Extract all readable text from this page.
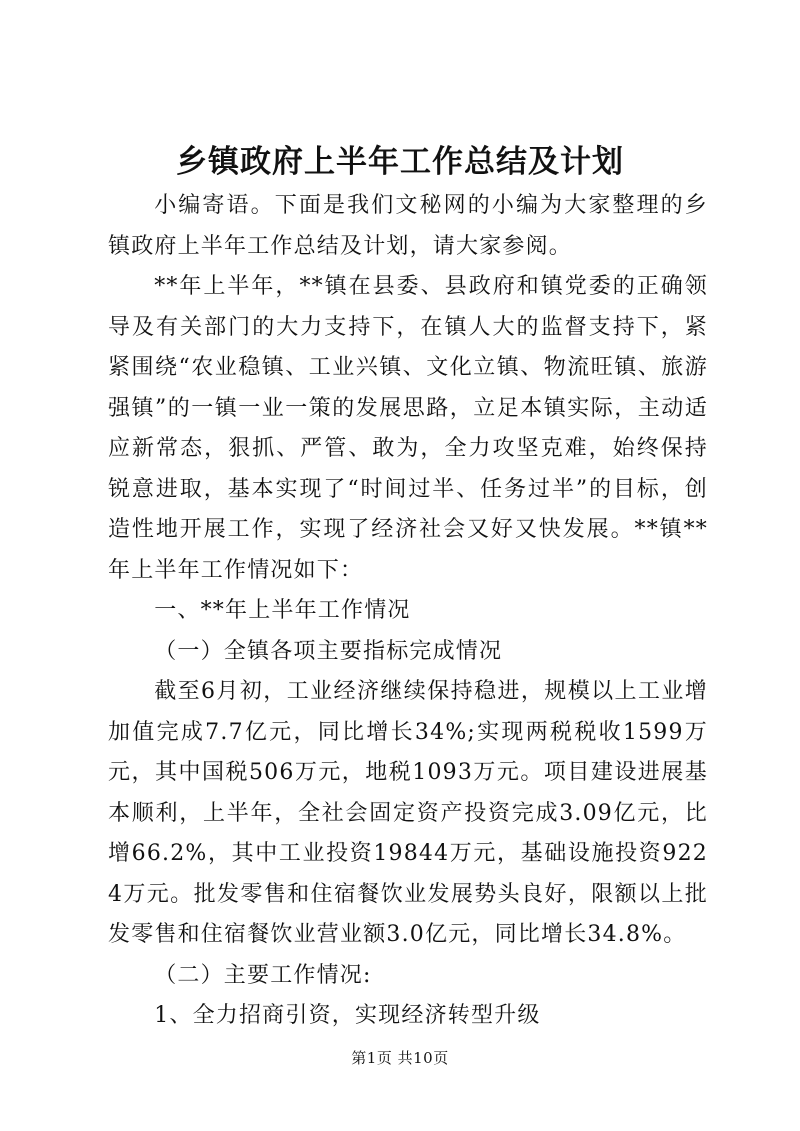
乡镇政府上半年工作总结及计划

小编寄语。下面是我们文秘网的小编为大家整理的乡镇政府上半年工作总结及计划，请大家参阅。

**年上半年，**镇在县委、县政府和镇党委的正确领导及有关部门的大力支持下，在镇人大的监督支持下，紧紧围绕“农业稳镇、工业兴镇、文化立镇、物流旺镇、旅游强镇”的一镇一业一策的发展思路，立足本镇实际，主动适应新常态，狠抓、严管、敢为，全力攻坚克难，始终保持锐意进取，基本实现了“时间过半、任务过半”的目标，创造性地开展工作，实现了经济社会又好又快发展。**镇**年上半年工作情况如下：

一、**年上半年工作情况

（一）全镇各项主要指标完成情况

截至6月初，工业经济继续保持稳进，规模以上工业增加值完成7.7亿元，同比增长34%;实现两税税收1599万元，其中国税506万元，地税1093万元。项目建设进展基本顺利，上半年，全社会固定资产投资完成3.09亿元，比增66.2%，其中工业投资19844万元，基础设施投资9224万元。批发零售和住宿餐饮业发展势头良好，限额以上批发零售和住宿餐饮业营业额3.0亿元，同比增长34.8%。

（二）主要工作情况:

1、全力招商引资，实现经济转型升级

第1页 共10页
